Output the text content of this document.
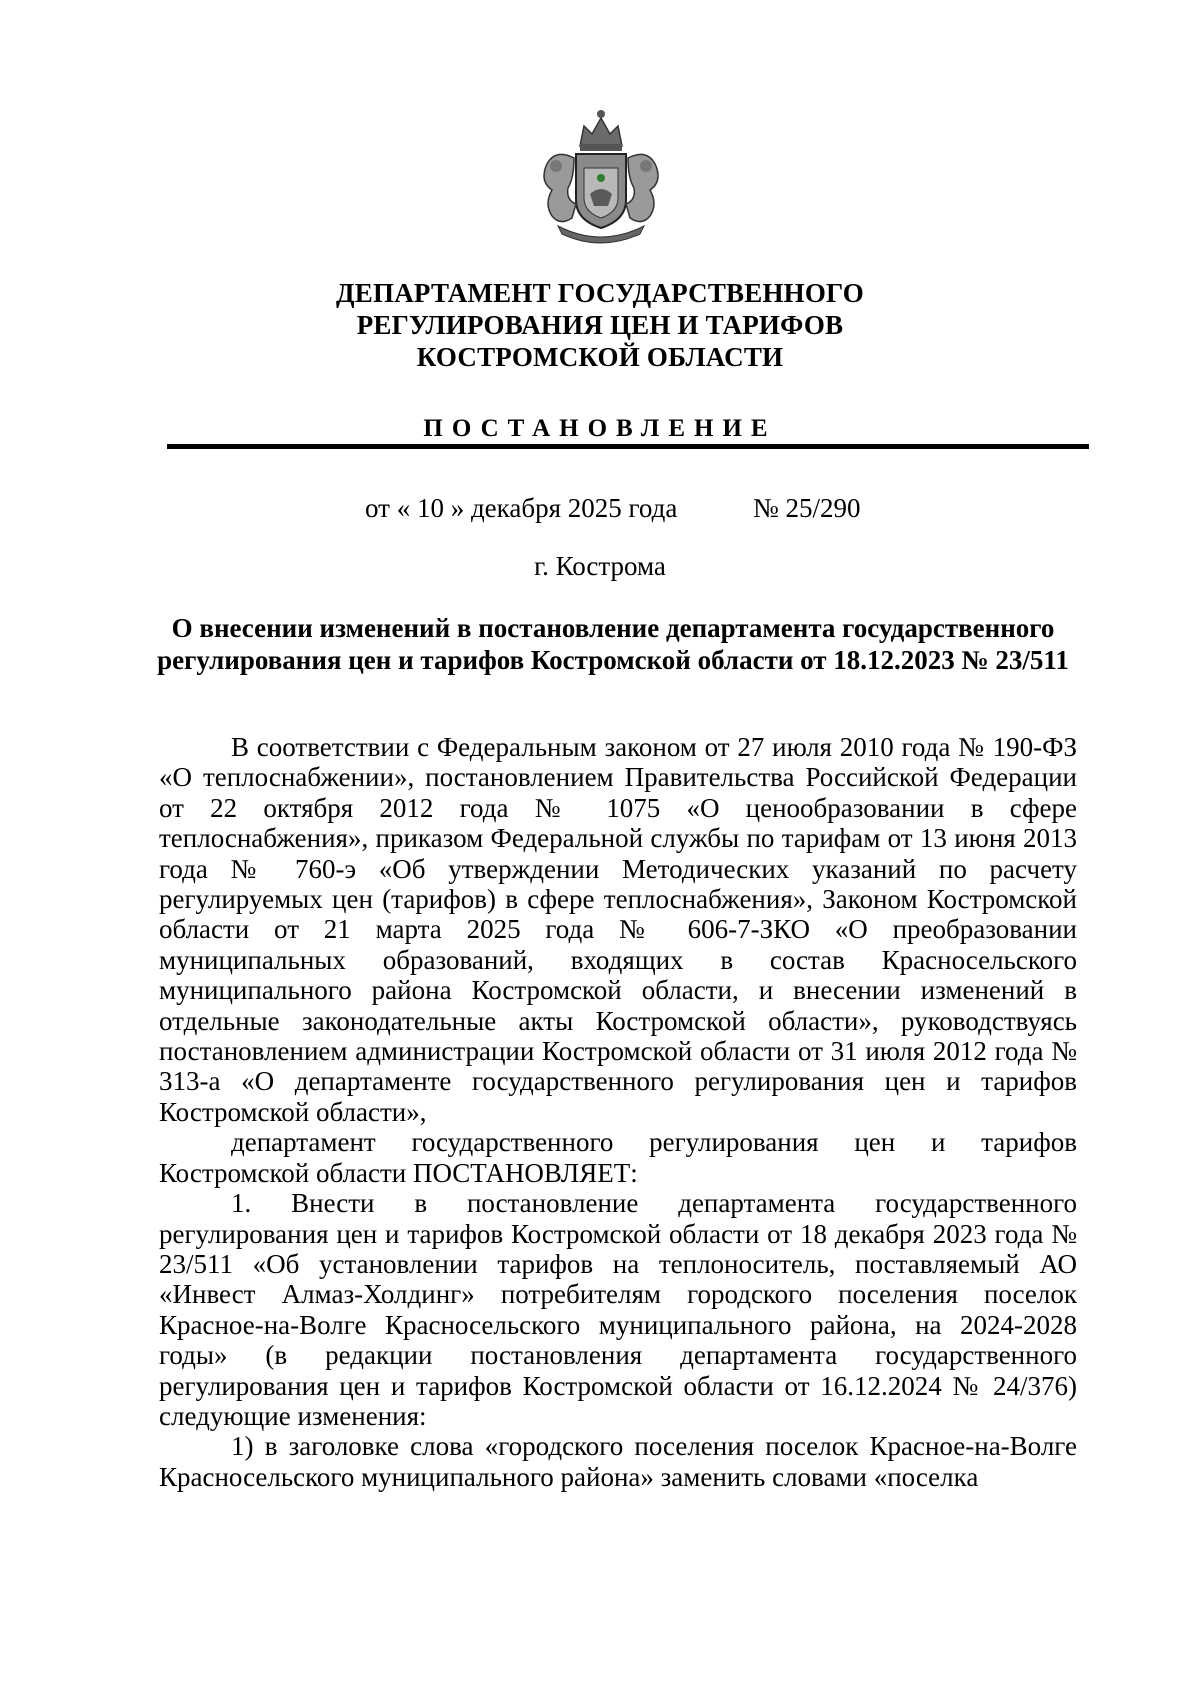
ДЕПАРТАМЕНТ ГОСУДАРСТВЕННОГО
РЕГУЛИРОВАНИЯ ЦЕН И ТАРИФОВ
КОСТРОМСКОЙ ОБЛАСТИ
ПОСТАНОВЛЕНИЕ
от « 10 » декабря 2025 года	№ 25/290
г. Кострома
О внесении изменений в постановление департамента государственного
регулирования цен и тарифов Костромской области от 18.12.2023 № 23/511

В соответствии с Федеральным законом от 27 июля 2010 года № 190-ФЗ «О теплоснабжении», постановлением Правительства Российской Федерации от 22 октября 2012 года № 1075 «О ценообразовании в сфере теплоснабжения», приказом Федеральной службы по тарифам от 13 июня 2013 года № 760-э «Об утверждении Методических указаний по расчету регулируемых цен (тарифов) в сфере теплоснабжения», Законом Костромской области от 21 марта 2025 года № 606-7-ЗКО «О преобразовании муниципальных образований, входящих в состав Красносельского муниципального района Костромской области, и внесении изменений в отдельные законодательные акты Костромской области», руководствуясь постановлением администрации Костромской области от 31 июля 2012 года № 313-а «О департаменте государственного регулирования цен и тарифов Костромской области»,

департамент государственного регулирования цен и тарифов Костромской области ПОСТАНОВЛЯЕТ:

1. Внести в постановление департамента государственного регулирования цен и тарифов Костромской области от 18 декабря 2023 года № 23/511 «Об установлении тарифов на теплоноситель, поставляемый АО «Инвест Алмаз-Холдинг» потребителям городского поселения поселок Красное-на-Волге Красносельского муниципального района, на 2024-2028 годы» (в редакции постановления департамента государственного регулирования цен и тарифов Костромской области от 16.12.2024 № 24/376) следующие изменения:

1) в заголовке слова «городского поселения поселок Красное-на-Волге Красносельского муниципального района» заменить словами «поселка
